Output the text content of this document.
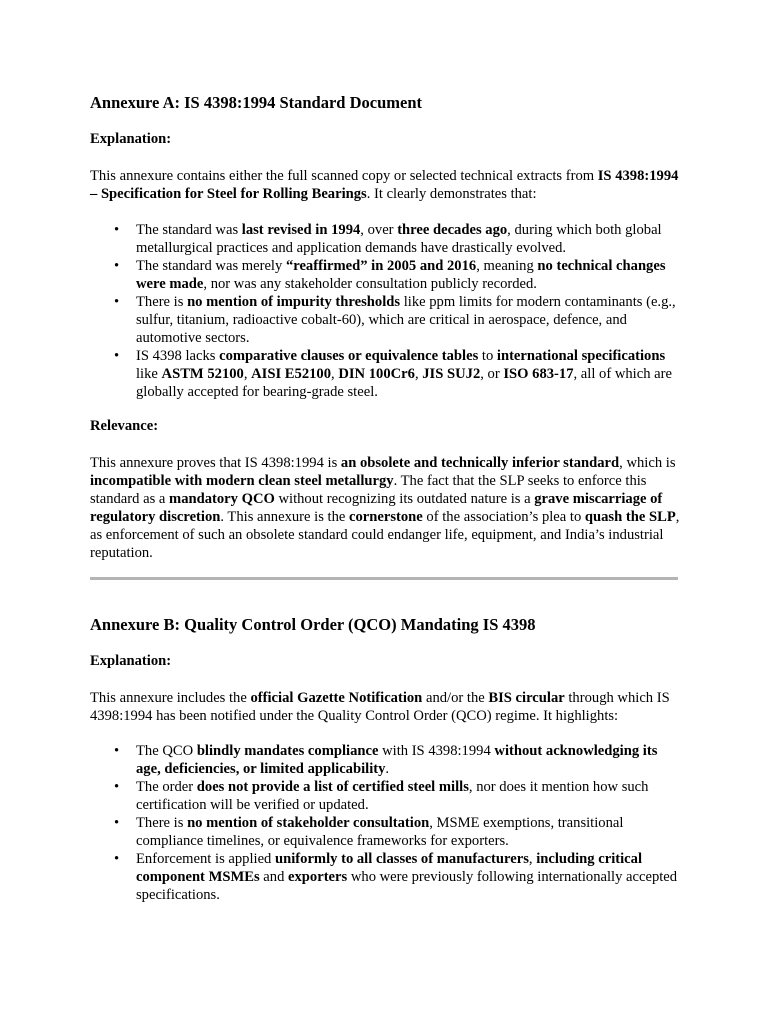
Annexure A: IS 4398:1994 Standard Document
Explanation:
This annexure contains either the full scanned copy or selected technical extracts from IS 4398:1994 – Specification for Steel for Rolling Bearings. It clearly demonstrates that:
• The standard was last revised in 1994, over three decades ago, during which both global metallurgical practices and application demands have drastically evolved.
• The standard was merely “reaffirmed” in 2005 and 2016, meaning no technical changes were made, nor was any stakeholder consultation publicly recorded.
• There is no mention of impurity thresholds like ppm limits for modern contaminants (e.g., sulfur, titanium, radioactive cobalt-60), which are critical in aerospace, defence, and automotive sectors.
• IS 4398 lacks comparative clauses or equivalence tables to international specifications like ASTM 52100, AISI E52100, DIN 100Cr6, JIS SUJ2, or ISO 683-17, all of which are globally accepted for bearing-grade steel.
Relevance:
This annexure proves that IS 4398:1994 is an obsolete and technically inferior standard, which is incompatible with modern clean steel metallurgy. The fact that the SLP seeks to enforce this standard as a mandatory QCO without recognizing its outdated nature is a grave miscarriage of regulatory discretion. This annexure is the cornerstone of the association’s plea to quash the SLP, as enforcement of such an obsolete standard could endanger life, equipment, and India’s industrial reputation.
Annexure B: Quality Control Order (QCO) Mandating IS 4398
Explanation:
This annexure includes the official Gazette Notification and/or the BIS circular through which IS 4398:1994 has been notified under the Quality Control Order (QCO) regime. It highlights:
• The QCO blindly mandates compliance with IS 4398:1994 without acknowledging its age, deficiencies, or limited applicability.
• The order does not provide a list of certified steel mills, nor does it mention how such certification will be verified or updated.
• There is no mention of stakeholder consultation, MSME exemptions, transitional compliance timelines, or equivalence frameworks for exporters.
• Enforcement is applied uniformly to all classes of manufacturers, including critical component MSMEs and exporters who were previously following internationally accepted specifications.
